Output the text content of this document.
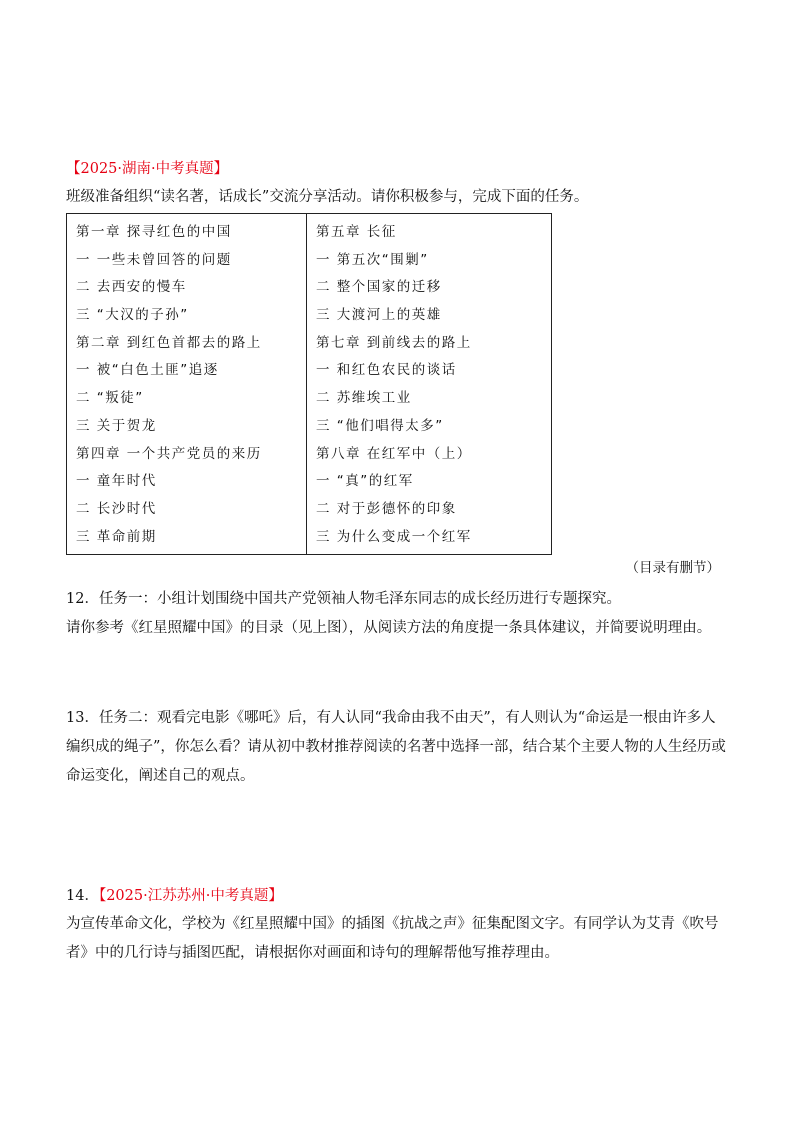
【2025·湖南·中考真题】
班级准备组织“读名著，话成长”交流分享活动。请你积极参与，完成下面的任务。
第一章 探寻红色的中国
一 一些未曾回答的问题
二 去西安的慢车
三 “大汉的子孙”
第二章 到红色首都去的路上
一 被“白色土匪”追逐
二 “叛徒”
三 关于贺龙
第四章 一个共产党员的来历
一 童年时代
二 长沙时代
三 革命前期
第五章 长征
一 第五次“围剿”
二 整个国家的迁移
三 大渡河上的英雄
第七章 到前线去的路上
一 和红色农民的谈话
二 苏维埃工业
三 “他们唱得太多”
第八章 在红军中（上）
一 “真”的红军
二 对于彭德怀的印象
三 为什么变成一个红军
（目录有删节）
12．任务一：小组计划围绕中国共产党领袖人物毛泽东同志的成长经历进行专题探究。
请你参考《红星照耀中国》的目录（见上图），从阅读方法的角度提一条具体建议，并简要说明理由。
13．任务二：观看完电影《哪吒》后，有人认同“我命由我不由天”，有人则认为“命运是一根由许多人
编织成的绳子”，你怎么看？请从初中教材推荐阅读的名著中选择一部，结合某个主要人物的人生经历或
命运变化，阐述自己的观点。
14．【2025·江苏苏州·中考真题】
为宣传革命文化，学校为《红星照耀中国》的插图《抗战之声》征集配图文字。有同学认为艾青《吹号
者》中的几行诗与插图匹配，请根据你对画面和诗句的理解帮他写推荐理由。
